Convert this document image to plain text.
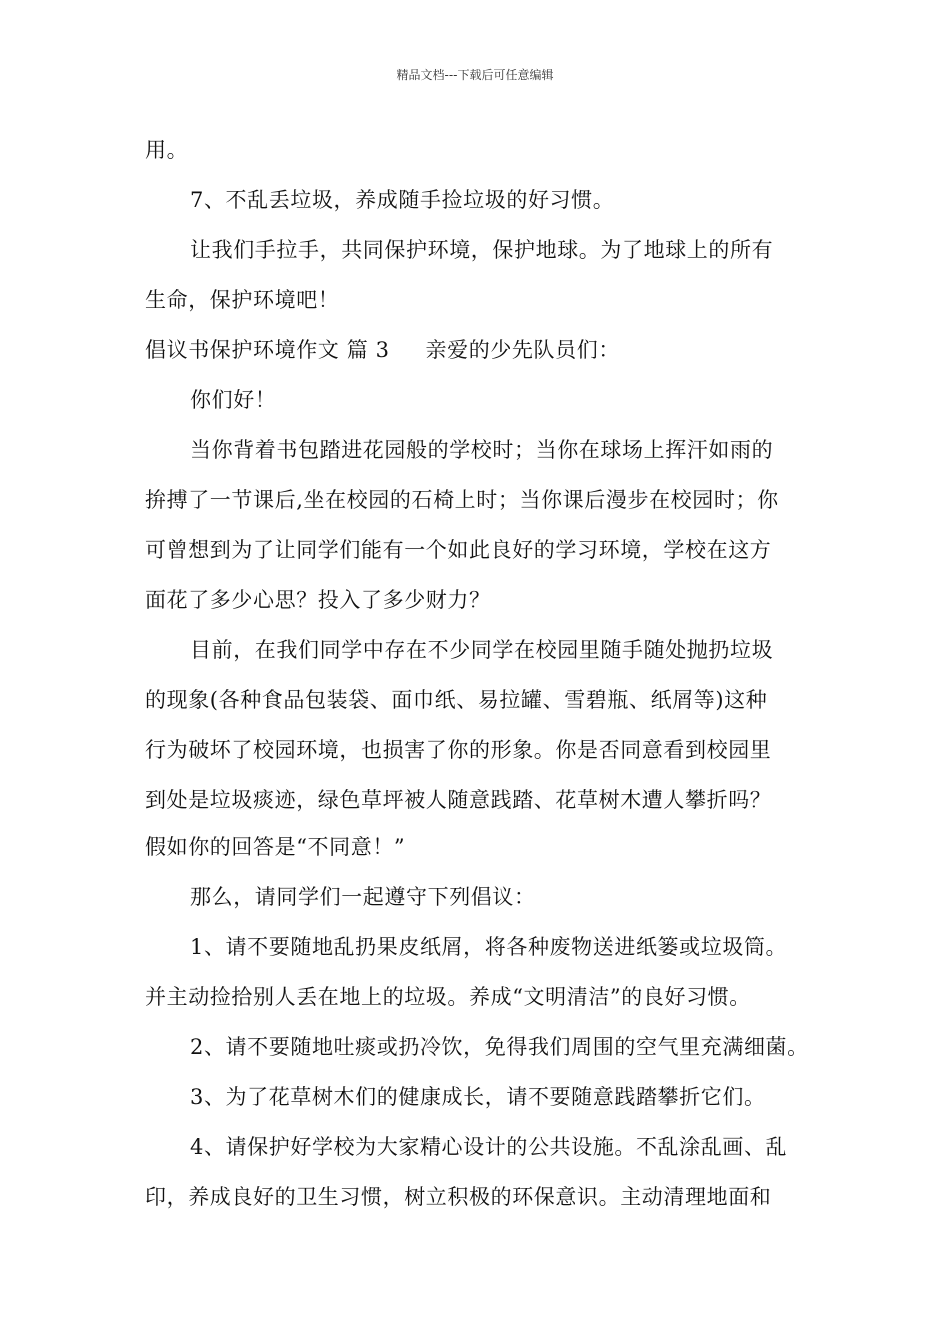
精品文档---下载后可任意编辑
用。
7、不乱丢垃圾，养成随手捡垃圾的好习惯。
让我们手拉手，共同保护环境，保护地球。为了地球上的所有
生命，保护环境吧！
倡议书保护环境作文 篇 3 亲爱的少先队员们：
你们好！
当你背着书包踏进花园般的学校时；当你在球场上挥汗如雨的
拚搏了一节课后,坐在校园的石椅上时；当你课后漫步在校园时；你
可曾想到为了让同学们能有一个如此良好的学习环境，学校在这方
面花了多少心思？投入了多少财力？
目前，在我们同学中存在不少同学在校园里随手随处抛扔垃圾
的现象(各种食品包装袋、面巾纸、易拉罐、雪碧瓶、纸屑等)这种
行为破坏了校园环境，也损害了你的形象。你是否同意看到校园里
到处是垃圾痰迹，绿色草坪被人随意践踏、花草树木遭人攀折吗？
假如你的回答是“不同意！”
那么，请同学们一起遵守下列倡议：
1、请不要随地乱扔果皮纸屑，将各种废物送进纸篓或垃圾筒。
并主动捡拾别人丢在地上的垃圾。养成“文明清洁”的良好习惯。
2、请不要随地吐痰或扔冷饮，免得我们周围的空气里充满细菌。
3、为了花草树木们的健康成长，请不要随意践踏攀折它们。
4、请保护好学校为大家精心设计的公共设施。不乱涂乱画、乱
印，养成良好的卫生习惯，树立积极的环保意识。主动清理地面和
